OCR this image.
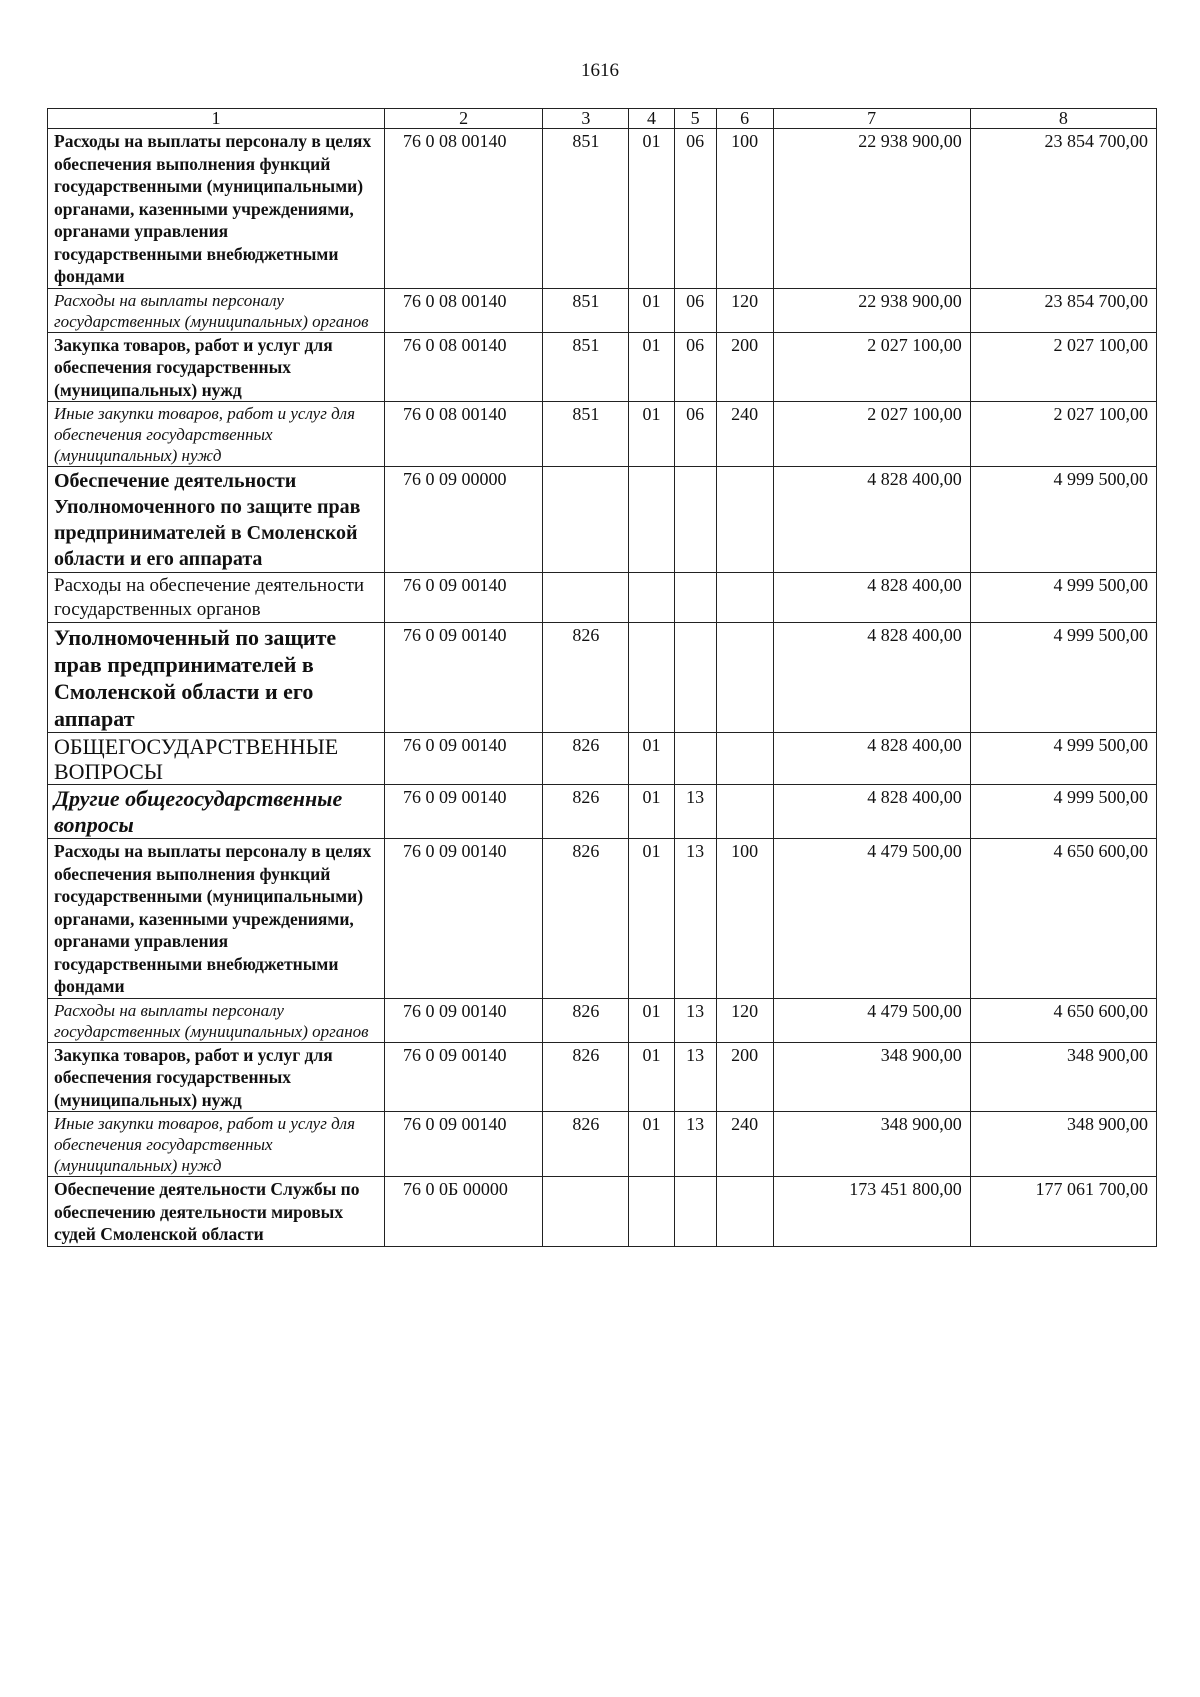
1616
1	2	3	4	5	6	7	8
Расходы на выплаты персоналу в целях обеспечения выполнения функций государственными (муниципальными) органами, казенными учреждениями, органами управления государственными внебюджетными фондами	76 0 08 00140	851	01	06	100	22 938 900,00	23 854 700,00
Расходы на выплаты персоналу государственных (муниципальных) органов	76 0 08 00140	851	01	06	120	22 938 900,00	23 854 700,00
Закупка товаров, работ и услуг для обеспечения государственных (муниципальных) нужд	76 0 08 00140	851	01	06	200	2 027 100,00	2 027 100,00
Иные закупки товаров, работ и услуг для обеспечения государственных (муниципальных) нужд	76 0 08 00140	851	01	06	240	2 027 100,00	2 027 100,00
Обеспечение деятельности Уполномоченного по защите прав предпринимателей в Смоленской области и его аппарата	76 0 09 00000					4 828 400,00	4 999 500,00
Расходы на обеспечение деятельности государственных органов	76 0 09 00140					4 828 400,00	4 999 500,00
Уполномоченный по защите прав предпринимателей в Смоленской области и его аппарат	76 0 09 00140	826				4 828 400,00	4 999 500,00
ОБЩЕГОСУДАРСТВЕННЫЕ ВОПРОСЫ	76 0 09 00140	826	01			4 828 400,00	4 999 500,00
Другие общегосударственные вопросы	76 0 09 00140	826	01	13		4 828 400,00	4 999 500,00
Расходы на выплаты персоналу в целях обеспечения выполнения функций государственными (муниципальными) органами, казенными учреждениями, органами управления государственными внебюджетными фондами	76 0 09 00140	826	01	13	100	4 479 500,00	4 650 600,00
Расходы на выплаты персоналу государственных (муниципальных) органов	76 0 09 00140	826	01	13	120	4 479 500,00	4 650 600,00
Закупка товаров, работ и услуг для обеспечения государственных (муниципальных) нужд	76 0 09 00140	826	01	13	200	348 900,00	348 900,00
Иные закупки товаров, работ и услуг для обеспечения государственных (муниципальных) нужд	76 0 09 00140	826	01	13	240	348 900,00	348 900,00
Обеспечение деятельности Службы по обеспечению деятельности мировых судей Смоленской области	76 0 0Б 00000					173 451 800,00	177 061 700,00
